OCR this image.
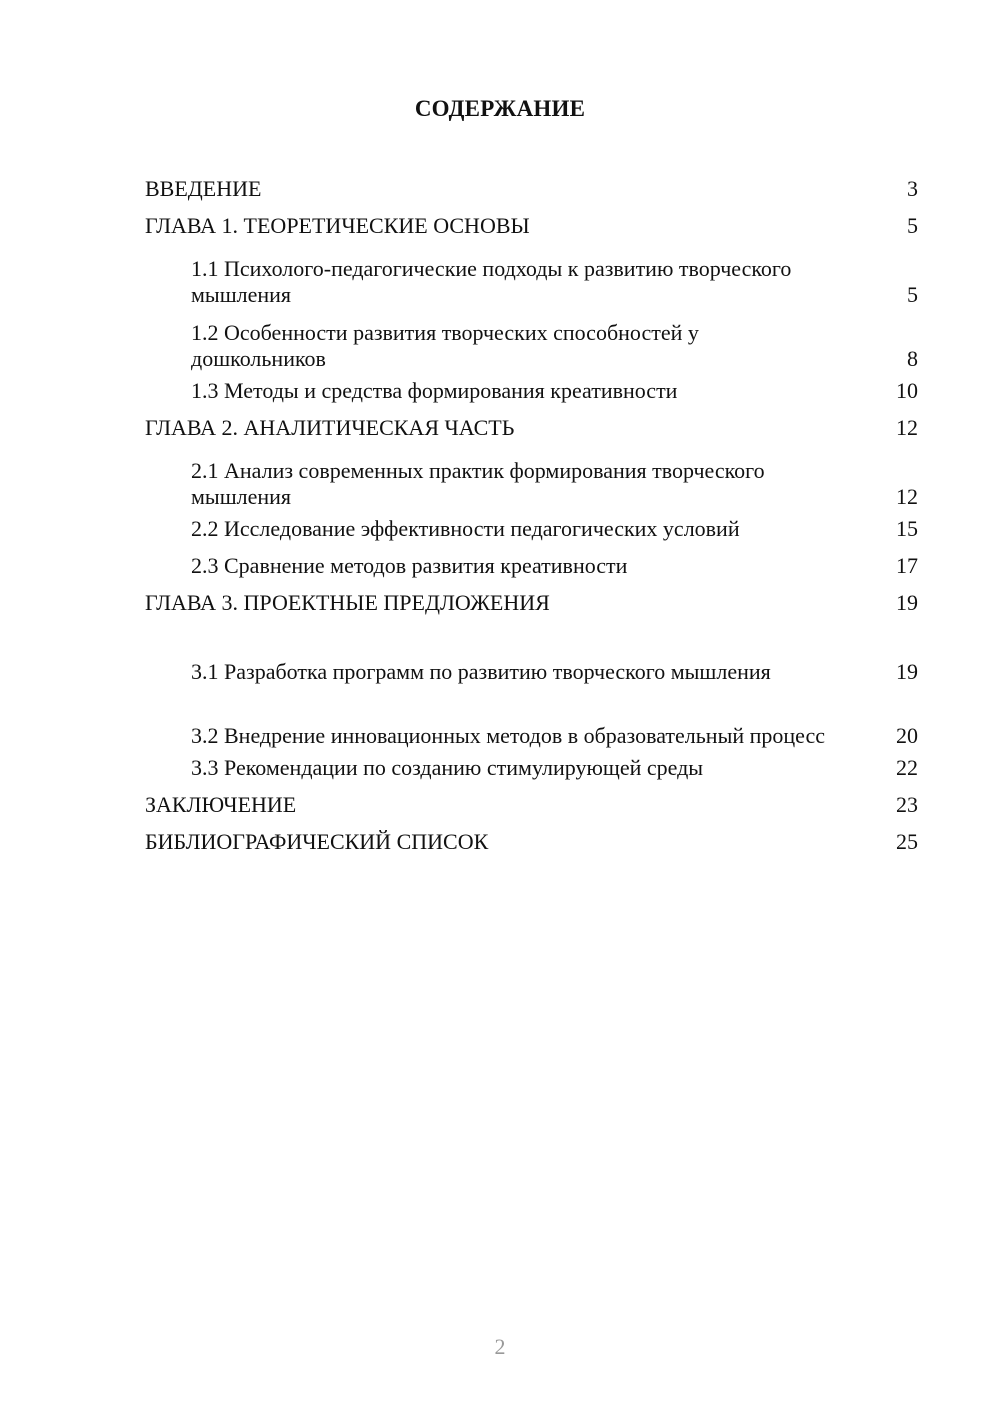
СОДЕРЖАНИЕ
ВВЕДЕНИЕ	3
ГЛАВА 1. ТЕОРЕТИЧЕСКИЕ ОСНОВЫ	5
1.1 Психолого-педагогические подходы к развитию творческого мышления	5
1.2 Особенности развития творческих способностей у дошкольников	8
1.3 Методы и средства формирования креативности	10
ГЛАВА 2. АНАЛИТИЧЕСКАЯ ЧАСТЬ	12
2.1 Анализ современных практик формирования творческого мышления	12
2.2 Исследование эффективности педагогических условий	15
2.3 Сравнение методов развития креативности	17
ГЛАВА 3. ПРОЕКТНЫЕ ПРЕДЛОЖЕНИЯ	19
3.1 Разработка программ по развитию творческого мышления	19
3.2 Внедрение инновационных методов в образовательный процесс	20
3.3 Рекомендации по созданию стимулирующей среды	22
ЗАКЛЮЧЕНИЕ	23
БИБЛИОГРАФИЧЕСКИЙ СПИСОК	25
2
